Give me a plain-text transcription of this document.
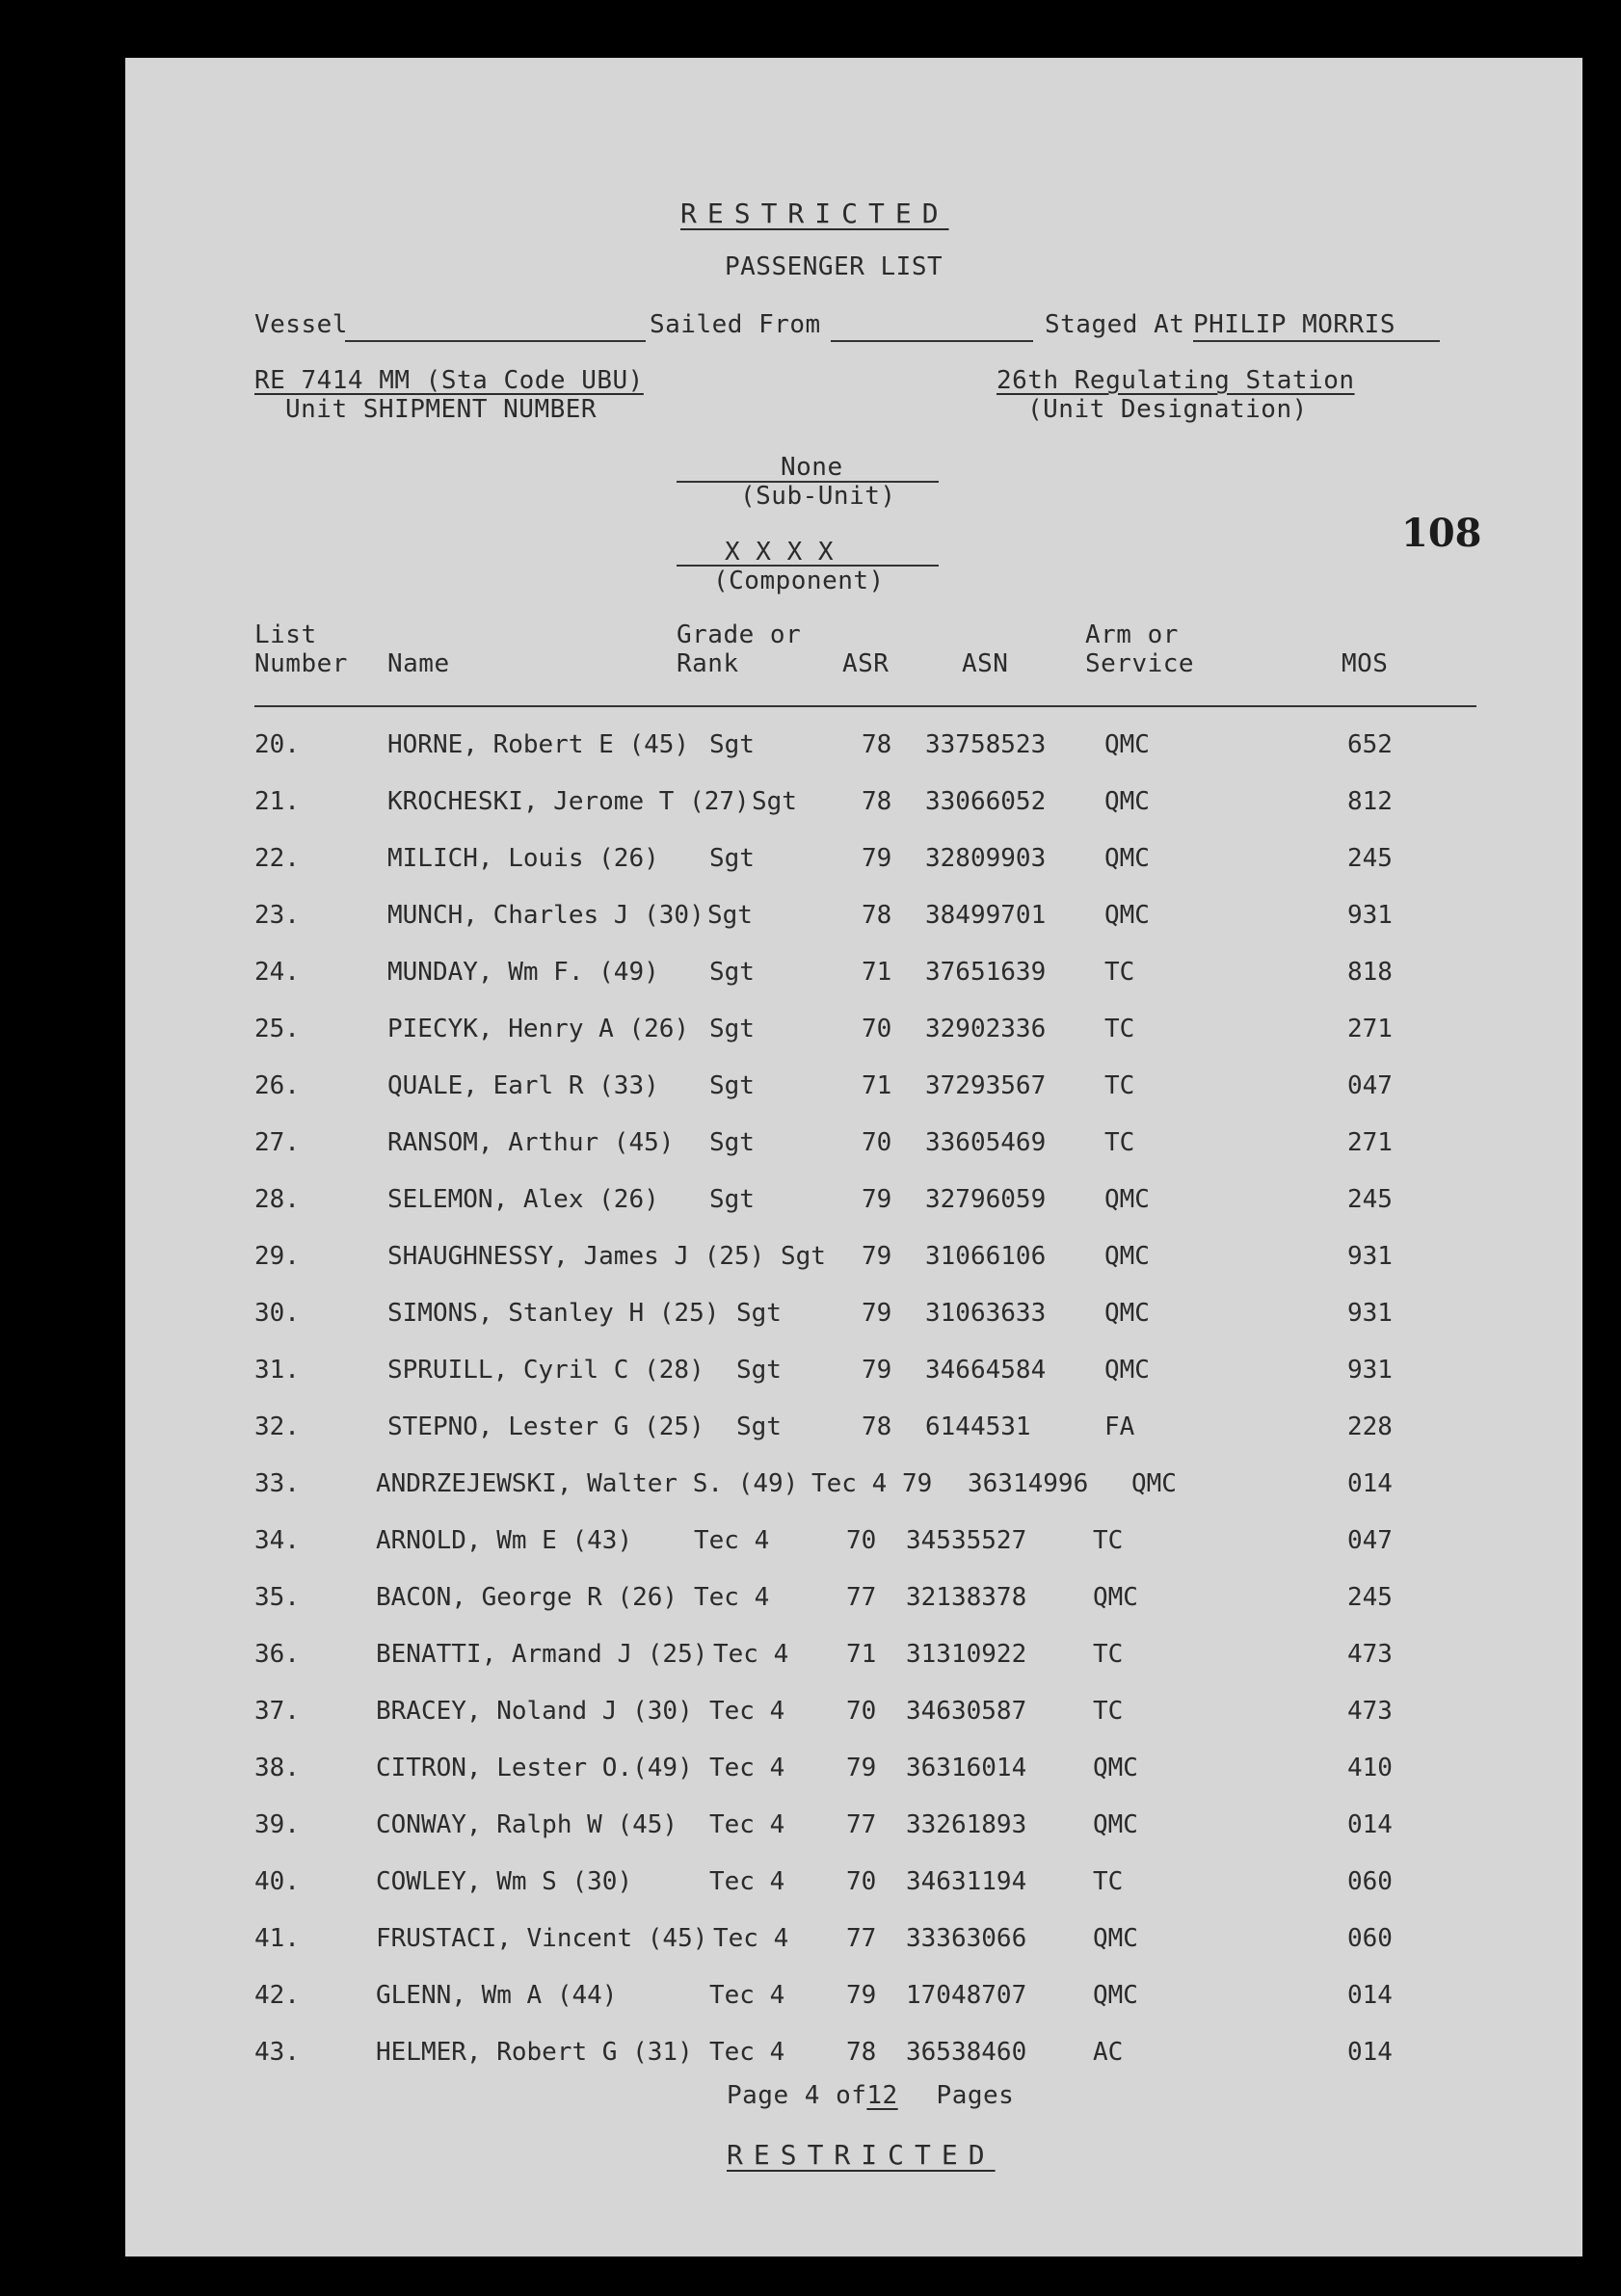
RESTRICTED
PASSENGER LIST
Vessel	Sailed From	Staged At PHILIP MORRIS
RE 7414 MM (Sta Code UBU)
Unit SHIPMENT NUMBER
26th Regulating Station
(Unit Designation)
None
(Sub-Unit)
X X X X
(Component)
108
List
Number Name
Grade or
Rank	ASR	ASN
Arm or
Service	MOS
20.	HORNE, Robert E (45) Sgt	78 33758523 QMC	652
21.	KROCHESKI, Jerome T (27) Sgt	78 33066052 QMC	812
22.	MILICH, Louis (26) Sgt	79 32809903 QMC	245
23.	MUNCH, Charles J (30) Sgt	78 38499701 QMC	931
24.	MUNDAY, Wm F. (49) Sgt	71 37651639 TC	818
25.	PIECYK, Henry A (26) Sgt	70 32902336 TC	271
26.	QUALE, Earl R (33) Sgt	71 37293567 TC	047
27.	RANSOM, Arthur (45) Sgt	70 33605469 TC	271
28.	SELEMON, Alex (26) Sgt	79 32796059 QMC	245
29.	SHAUGHNESSY, James J (25) Sgt 79 31066106 QMC	931
30.	SIMONS, Stanley H (25) Sgt	79 31063633 QMC	931
31.	SPRUILL, Cyril C (28) Sgt	79 34664584 QMC	931
32.	STEPNO, Lester G (25) Sgt	78 6144531	FA	228
33.	ANDRZEJEWSKI, Walter S. (49) Tec 4 79 36314996 QMC	014
34.	ARNOLD, Wm E (43) Tec 4	70 34535527	TC	047
35.	BACON, George R (26) Tec 4	77 32138378	QMC	245
36.	BENATTI, Armand J (25) Tec 4 71 31310922	TC	473
37.	BRACEY, Noland J (30) Tec 4 70 34630587	TC	473
38.	CITRON, Lester O.(49) Tec 4 79 36316014	QMC	410
39.	CONWAY, Ralph W (45) Tec 4 77 33261893	QMC	014
40.	COWLEY, Wm S (30)	Tec 4 70 34631194	TC	060
41.	FRUSTACI, Vincent (45) Tec 4 77 33363066	QMC	060
42.	GLENN, Wm A (44)	Tec 4 79 17048707	QMC	014
43.	HELMER, Robert G (31) Tec 4 78 36538460	AC	014
Page 4 of12 Pages
RESTRICTED
